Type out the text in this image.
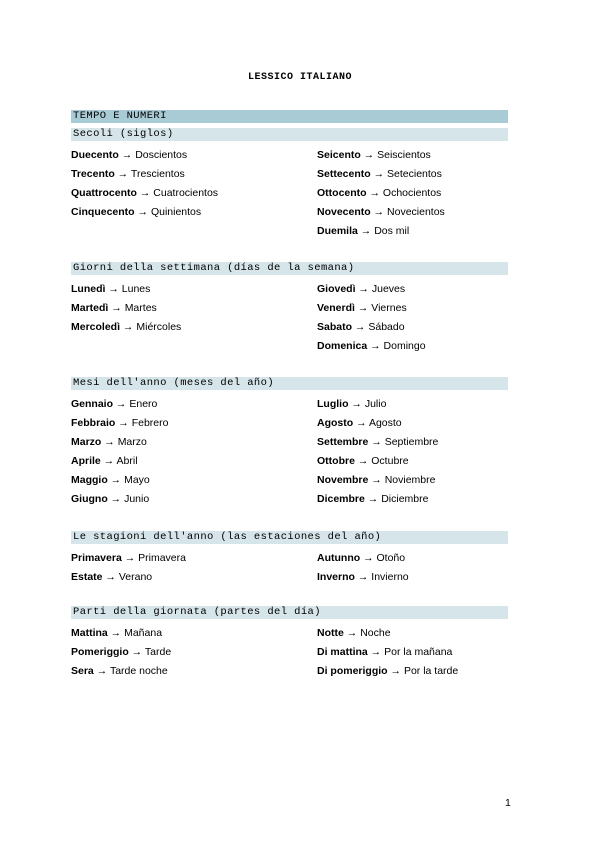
LESSICO ITALIANO
TEMPO E NUMERI
Secoli (siglos)
Duecento → Doscientos
Trecento → Trescientos
Quattrocento → Cuatrocientos
Cinquecento → Quinientos
Seicento → Seiscientos
Settecento → Setecientos
Ottocento → Ochocientos
Novecento → Novecientos
Duemila → Dos mil
Giorni della settimana (días de la semana)
Lunedì → Lunes
Martedì → Martes
Mercoledì → Miércoles
Giovedì → Jueves
Venerdì → Viernes
Sabato → Sábado
Domenica → Domingo
Mesi dell'anno (meses del año)
Gennaio → Enero
Febbraio → Febrero
Marzo → Marzo
Aprile → Abril
Maggio → Mayo
Giugno → Junio
Luglio → Julio
Agosto → Agosto
Settembre → Septiembre
Ottobre → Octubre
Novembre → Noviembre
Dicembre → Diciembre
Le stagioni dell'anno (las estaciones del año)
Primavera → Primavera
Estate → Verano
Autunno → Otoño
Inverno → Invierno
Parti della giornata (partes del día)
Mattina → Mañana
Pomeriggio → Tarde
Sera → Tarde noche
Notte → Noche
Di mattina → Por la mañana
Di pomeriggio → Por la tarde
1
